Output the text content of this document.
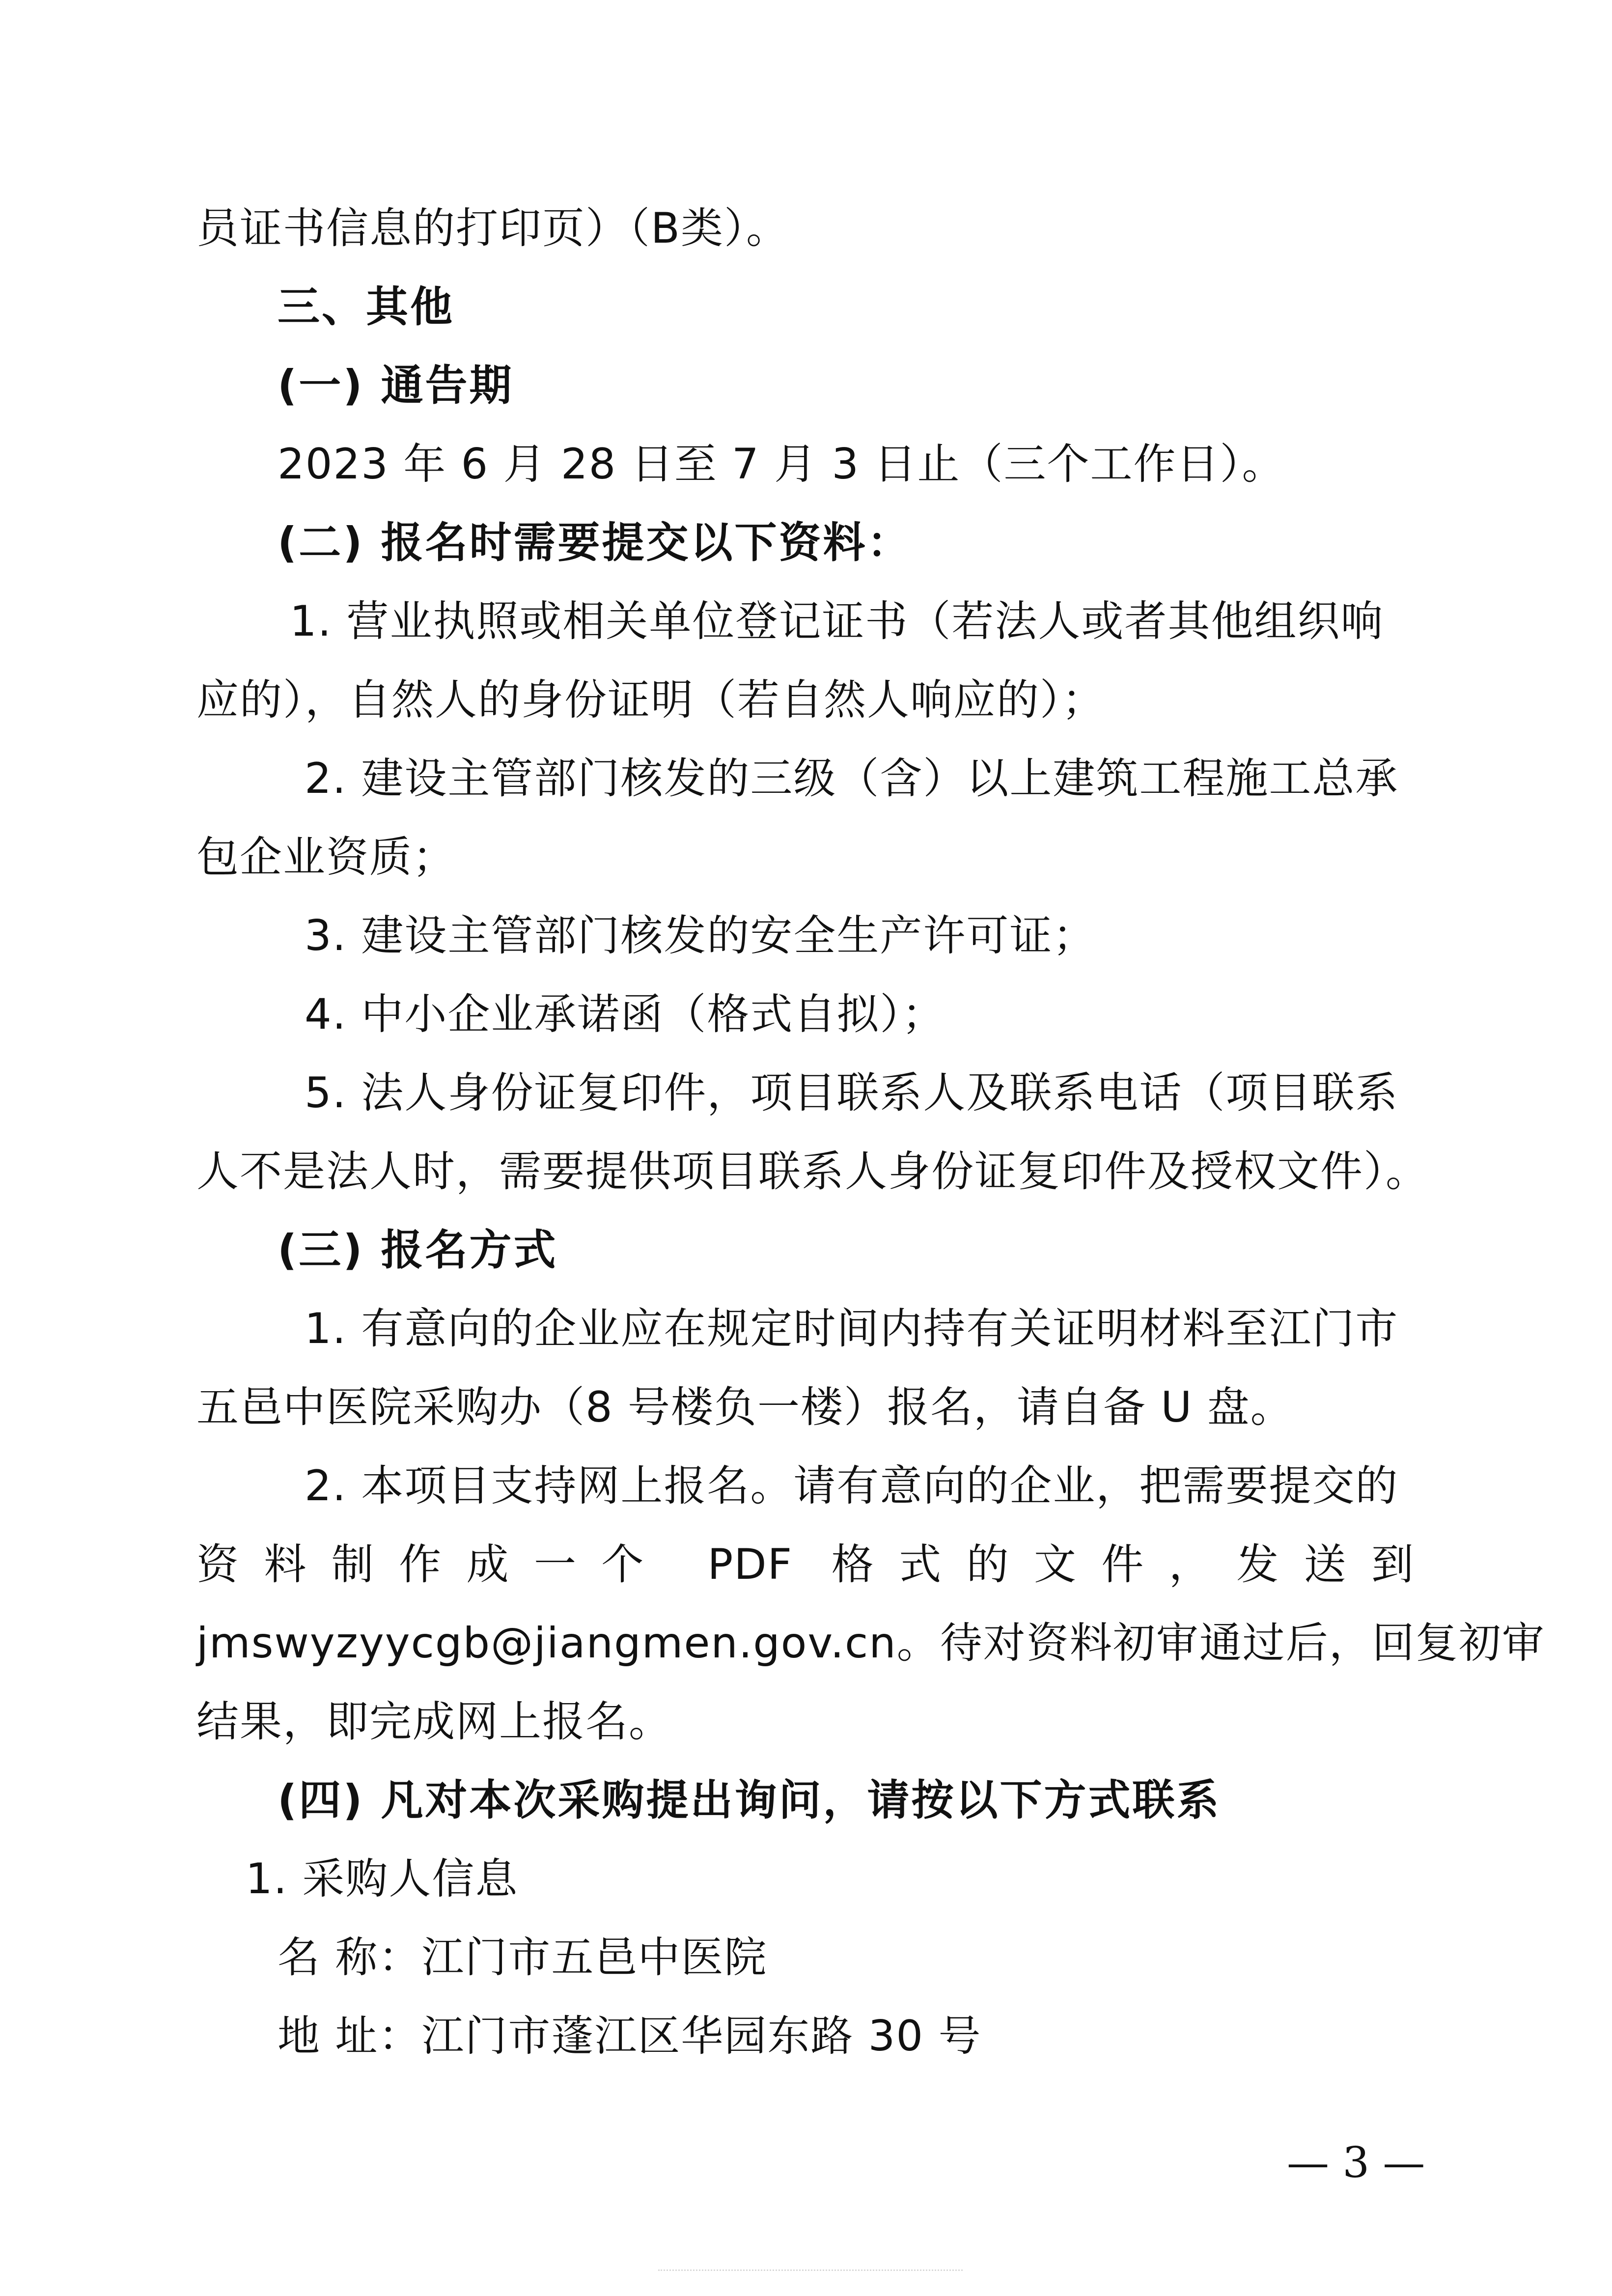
员证书信息的打印页）（B类）。
三、其他
(一) 通告期
2023 年 6 月 28 日至 7 月 3 日止（三个工作日）。
(二) 报名时需要提交以下资料：
1. 营业执照或相关单位登记证书（若法人或者其他组织响
应的），自然人的身份证明（若自然人响应的）；
2. 建设主管部门核发的三级（含）以上建筑工程施工总承
包企业资质；
3. 建设主管部门核发的安全生产许可证；
4. 中小企业承诺函（格式自拟）；
5. 法人身份证复印件，项目联系人及联系电话（项目联系
人不是法人时，需要提供项目联系人身份证复印件及授权文件）。
(三) 报名方式
1. 有意向的企业应在规定时间内持有关证明材料至江门市
五邑中医院采购办（8 号楼负一楼）报名，请自备 U 盘。
2. 本项目支持网上报名。请有意向的企业，把需要提交的
资料制作成一个 PDF 格式的文件，发送到
jmswyzyycgb@jiangmen.gov.cn。待对资料初审通过后，回复初审
结果，即完成网上报名。
(四) 凡对本次采购提出询问，请按以下方式联系
1. 采购人信息
名 称：江门市五邑中医院
地 址：江门市蓬江区华园东路 30 号
— 3 —
